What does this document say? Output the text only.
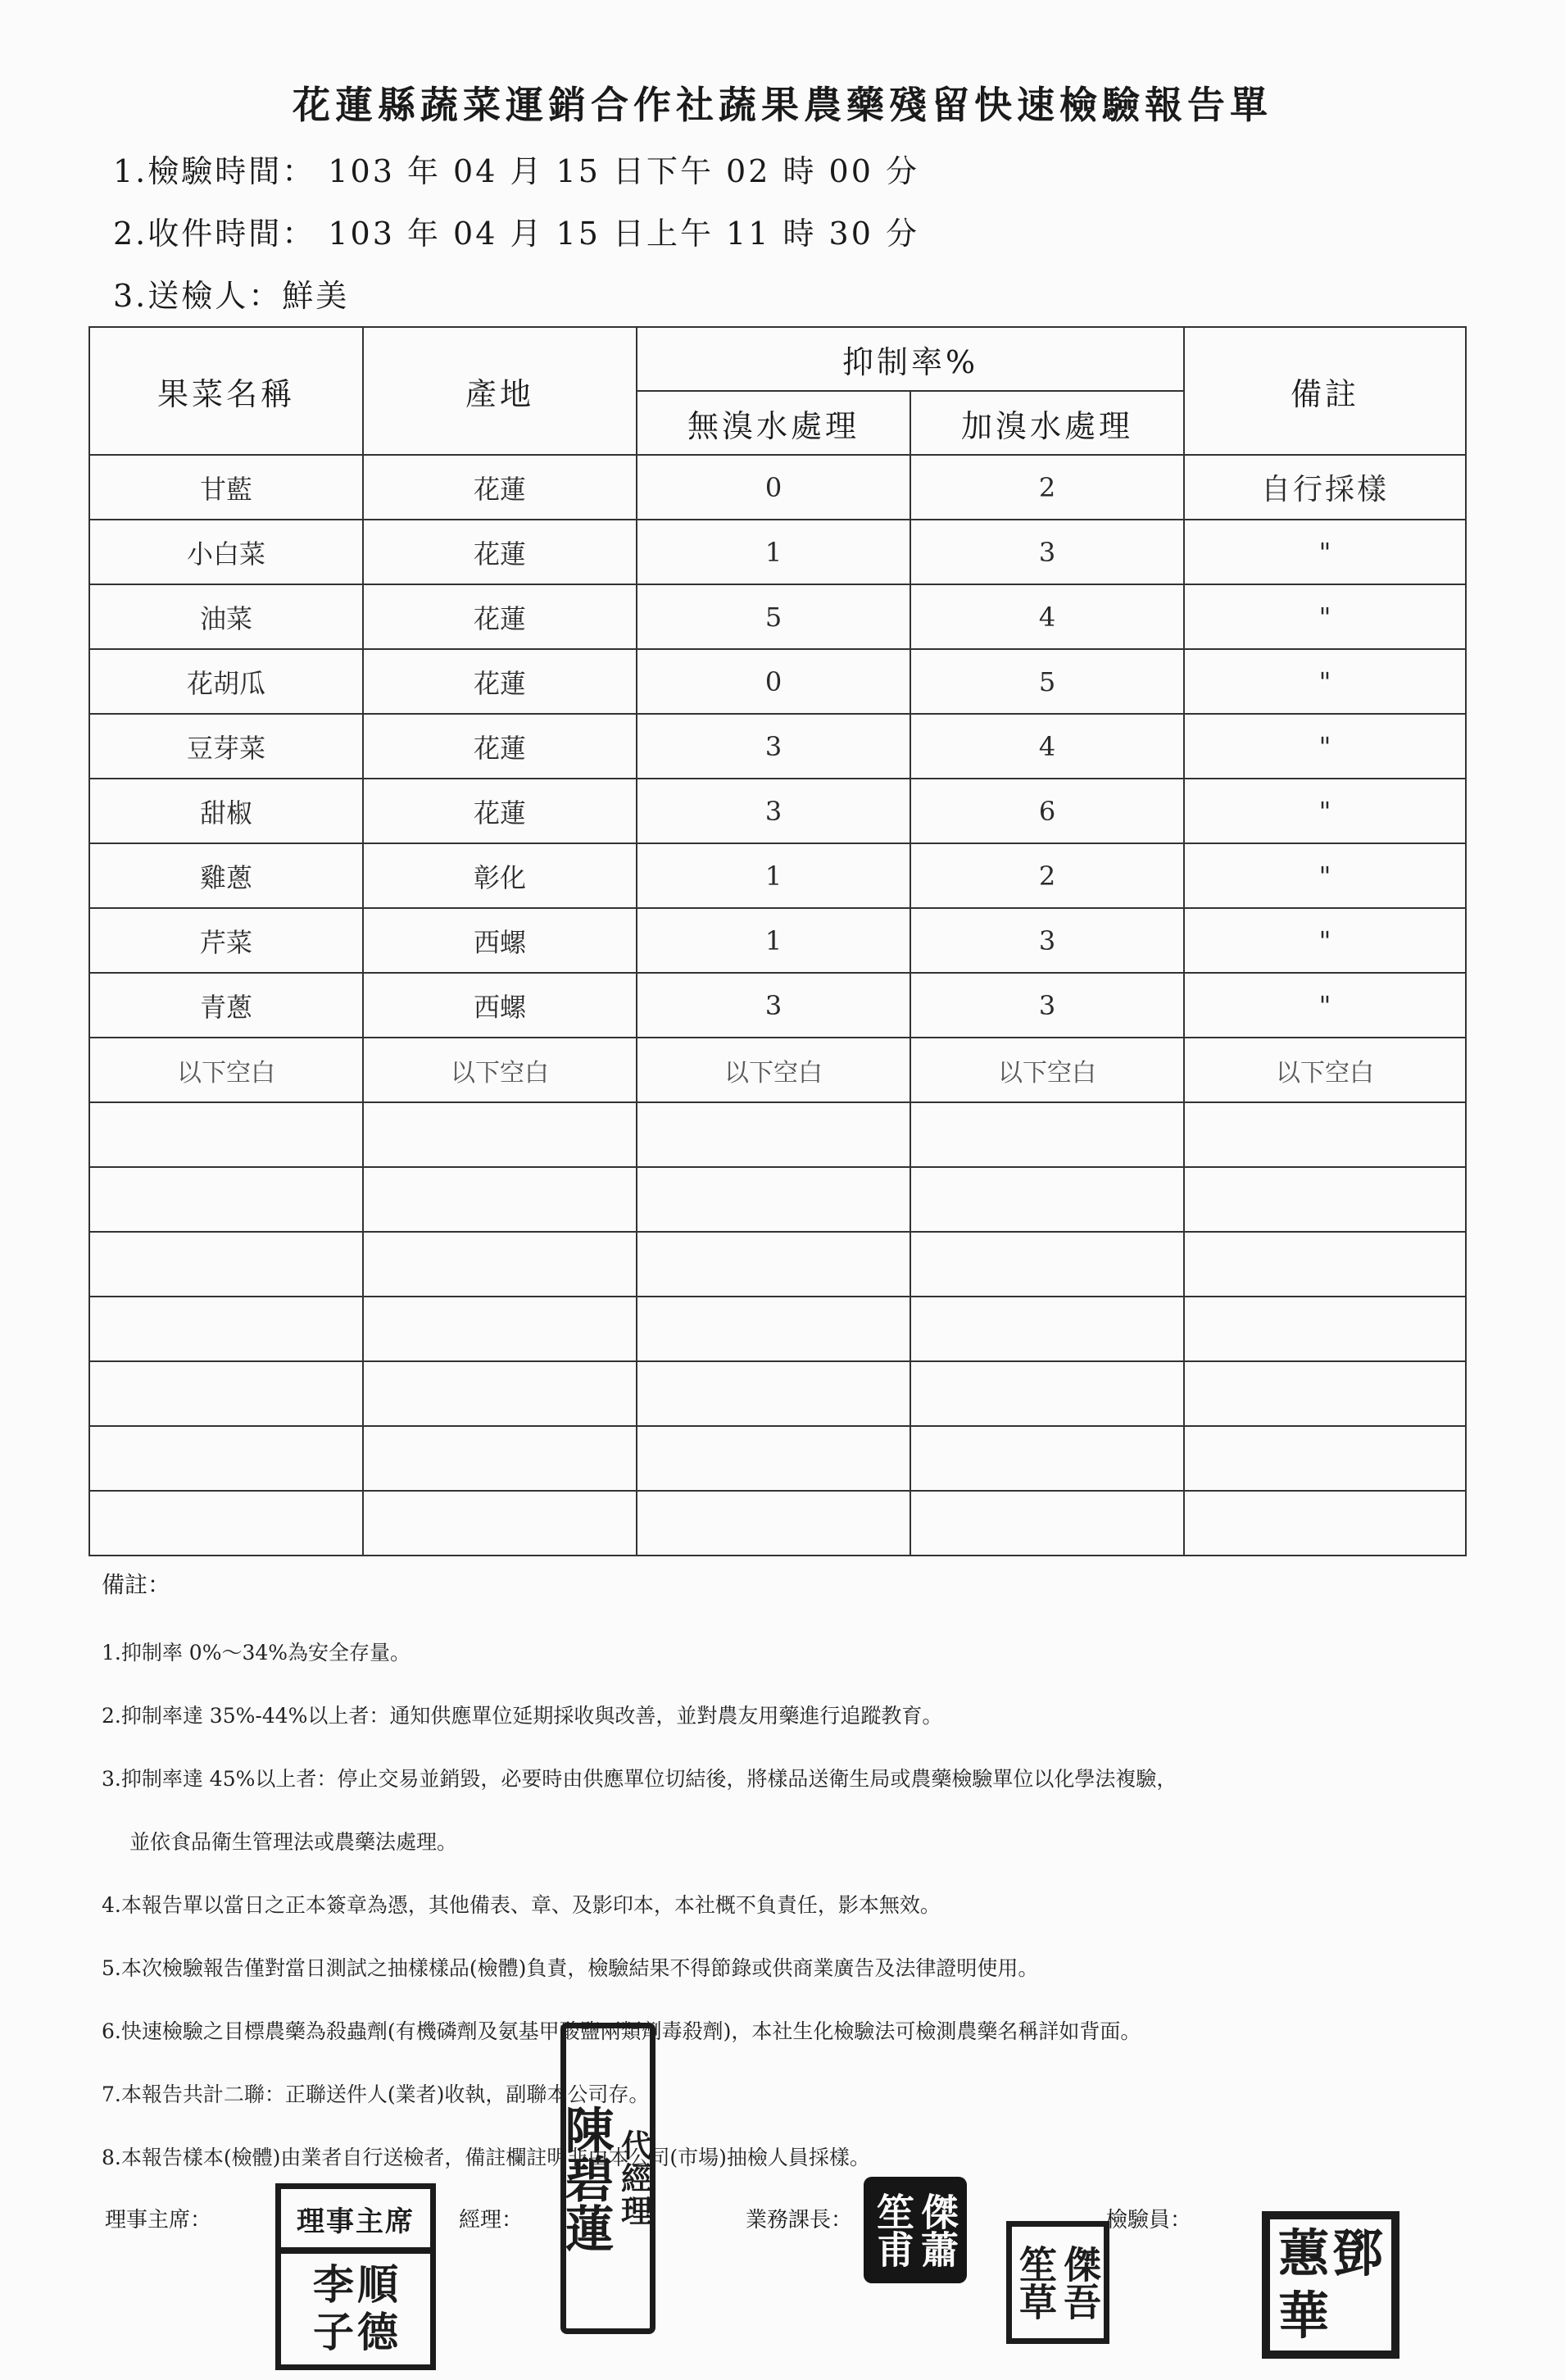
花蓮縣蔬菜運銷合作社蔬果農藥殘留快速檢驗報告單
1.檢驗時間： 103 年 04 月 15 日下午 02 時 00 分
2.收件時間： 103 年 04 月 15 日上午 11 時 30 分
3.送檢人：鮮美
果菜名稱	產地	抑制率%		備註
		無溴水處理	加溴水處理	
甘藍	花蓮	0	2	自行採樣
小白菜	花蓮	1	3	"
油菜	花蓮	5	4	"
花胡瓜	花蓮	0	5	"
豆芽菜	花蓮	3	4	"
甜椒	花蓮	3	6	"
雞蔥	彰化	1	2	"
芹菜	西螺	1	3	"
青蔥	西螺	3	3	"
以下空白	以下空白	以下空白	以下空白	以下空白

備註：
1.抑制率 0%～34%為安全存量。
2.抑制率達 35%-44%以上者：通知供應單位延期採收與改善，並對農友用藥進行追蹤教育。
3.抑制率達 45%以上者：停止交易並銷毀，必要時由供應單位切結後，將樣品送衛生局或農藥檢驗單位以化學法複驗，
並依食品衛生管理法或農藥法處理。
4.本報告單以當日之正本簽章為憑，其他備表、章、及影印本，本社概不負責任，影本無效。
5.本次檢驗報告僅對當日測試之抽樣樣品(檢體)負責，檢驗結果不得節錄或供商業廣告及法律證明使用。
6.快速檢驗之目標農藥為殺蟲劑(有機磷劑及氨基甲酸鹽兩類劑毒殺劑)，本社生化檢驗法可檢測農藥名稱詳如背面。
7.本報告共計二聯：正聯送件人(業者)收執，副聯本公司存。
8.本報告樣本(檢體)由業者自行送檢者，備註欄註明非由本公司(市場)抽檢人員採樣。
理事主席：	經理：	業務課長：	檢驗員：
理事主席
李 順
子 德
代經理
陳碧蓮	傑蕭 笙甫
傑吾 笙草	蕙 鄧
華
